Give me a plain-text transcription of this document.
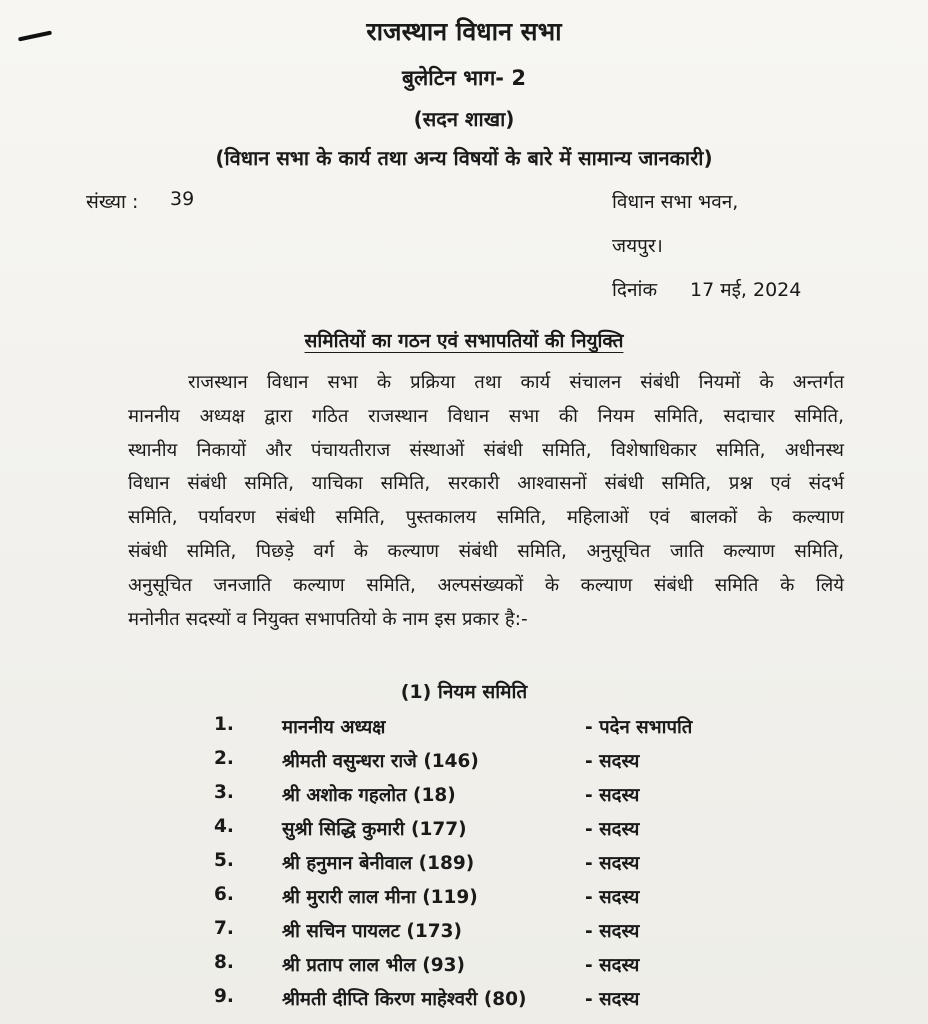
राजस्थान विधान सभा
बुलेटिन भाग- 2
(सदन शाखा)
(विधान सभा के कार्य तथा अन्य विषयों के बारे में सामान्य जानकारी)
संख्या : 39	विधान सभा भवन,
जयपुर।
दिनांक 17 मई, 2024
समितियों का गठन एवं सभापतियों की नियुक्ति
राजस्थान विधान सभा के प्रक्रिया तथा कार्य संचालन संबंधी नियमों के अन्तर्गत
माननीय अध्यक्ष द्वारा गठित राजस्थान विधान सभा की नियम समिति, सदाचार समिति,
स्थानीय निकायों और पंचायतीराज संस्थाओं संबंधी समिति, विशेषाधिकार समिति, अधीनस्थ
विधान संबंधी समिति, याचिका समिति, सरकारी आश्वासनों संबंधी समिति, प्रश्न एवं संदर्भ
समिति, पर्यावरण संबंधी समिति, पुस्तकालय समिति, महिलाओं एवं बालकों के कल्याण
संबंधी समिति, पिछड़े वर्ग के कल्याण संबंधी समिति, अनुसूचित जाति कल्याण समिति,
अनुसूचित जनजाति कल्याण समिति, अल्पसंख्यकों के कल्याण संबंधी समिति के लिये
मनोनीत सदस्यों व नियुक्त सभापतियो के नाम इस प्रकार है:-
(1) नियम समिति
1.	माननीय अध्यक्ष	- पदेन सभापति
2.	श्रीमती वसुन्धरा राजे (146)	- सदस्य
3.	श्री अशोक गहलोत (18)	- सदस्य
4.	सुश्री सिद्धि कुमारी (177)	- सदस्य
5.	श्री हनुमान बेनीवाल (189)	- सदस्य
6.	श्री मुरारी लाल मीना (119)	- सदस्य
7.	श्री सचिन पायलट (173)	- सदस्य
8.	श्री प्रताप लाल भील (93)	- सदस्य
9.	श्रीमती दीप्ति किरण माहेश्वरी (80)	- सदस्य
